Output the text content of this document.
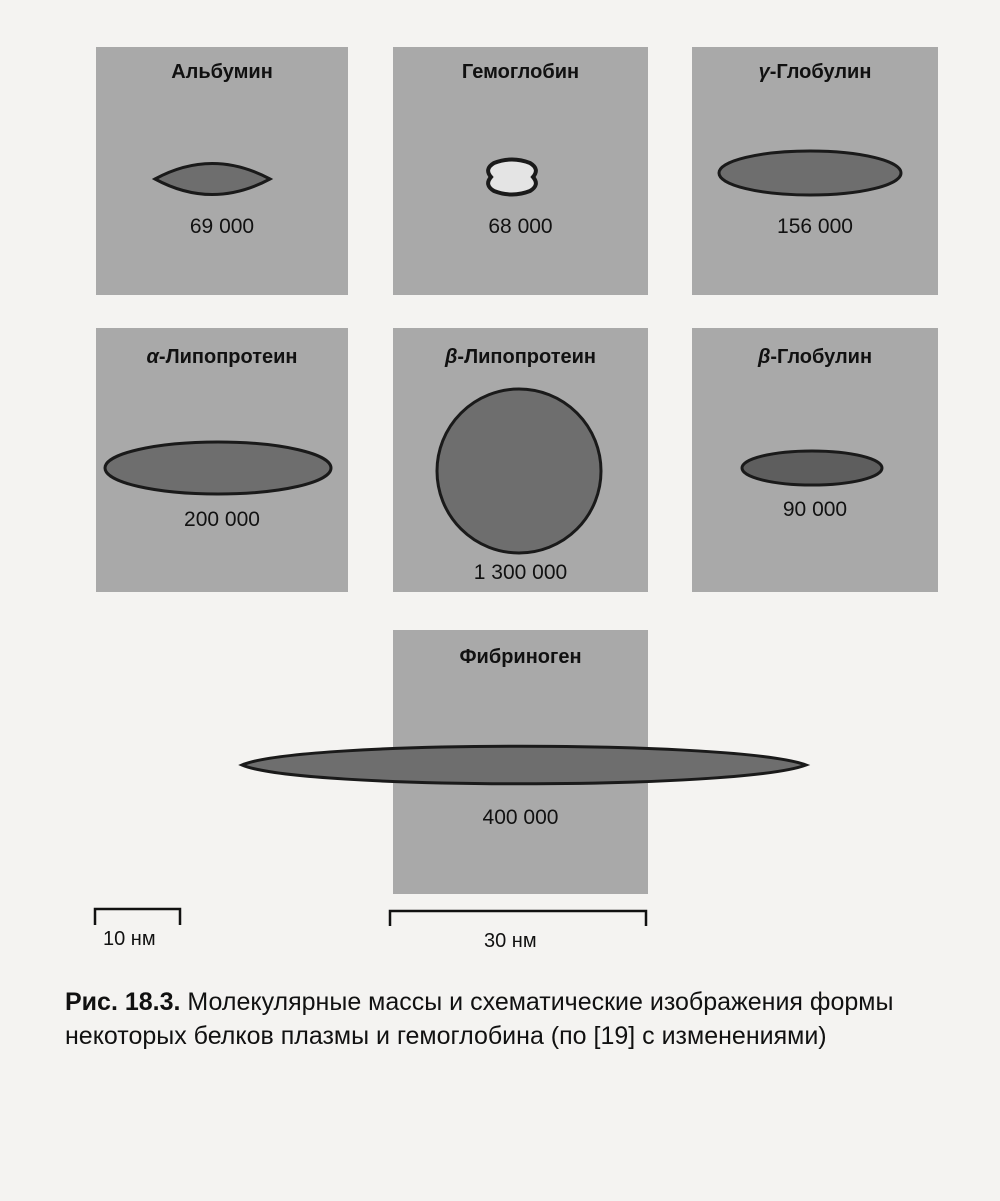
Альбумин
69 000
Гемоглобин
68 000
γ-Глобулин
156 000
α-Липопротеин
200 000
β-Липопротеин
1 300 000
β-Глобулин
90 000
Фибриноген
400 000
10 нм	30 нм
Рис. 18.3. Молекулярные массы и схематические изображения формы некоторых белков плазмы и гемоглобина (по [19] с изменениями)
